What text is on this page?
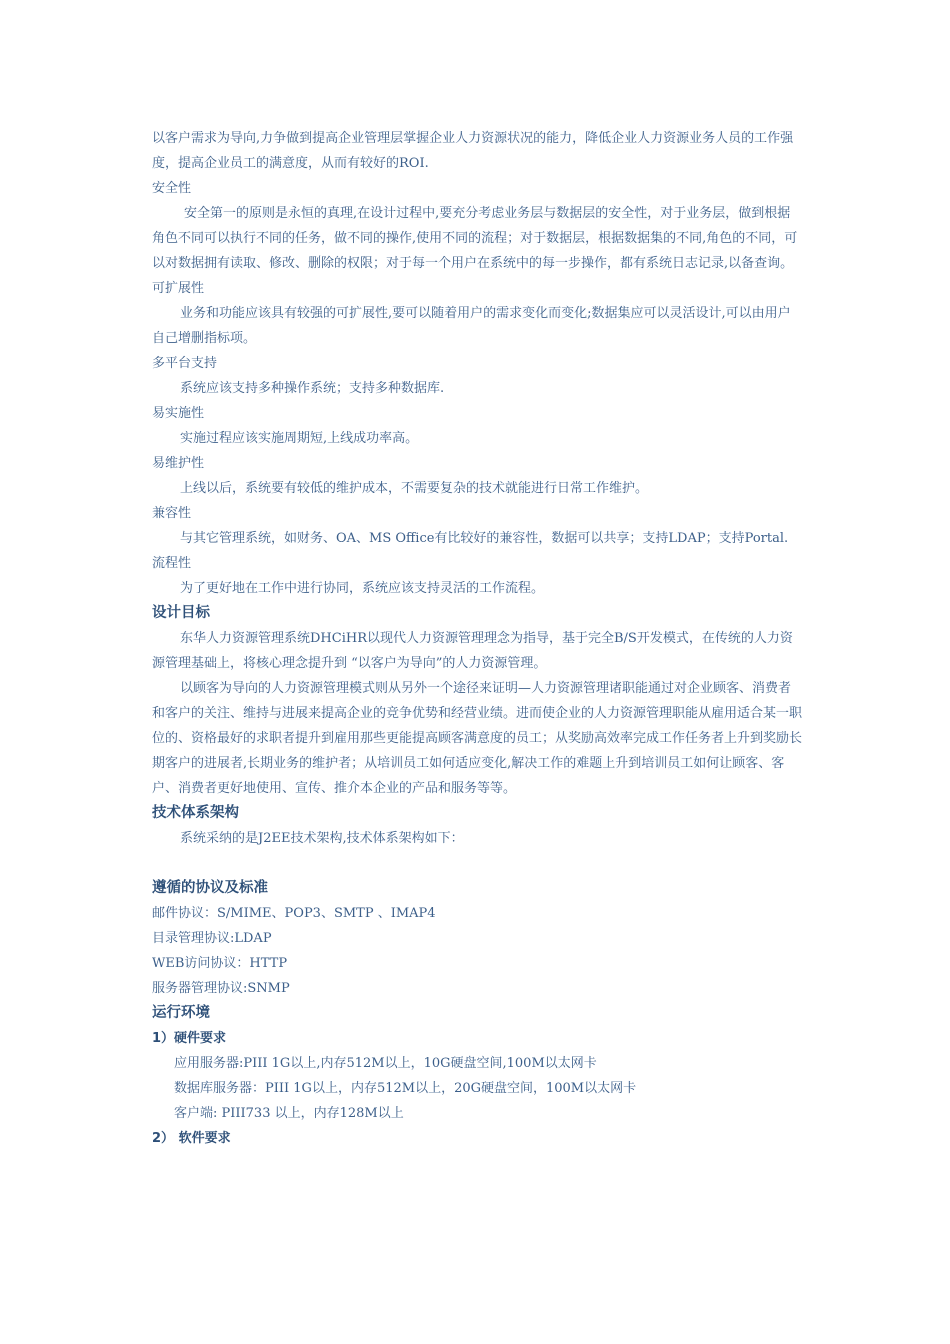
以客户需求为导向,力争做到提高企业管理层掌握企业人力资源状况的能力，降低企业人力资源业务人员的工作强度，提高企业员工的满意度，从而有较好的ROI.

安全性

安全第一的原则是永恒的真理,在设计过程中,要充分考虑业务层与数据层的安全性，对于业务层，做到根据角色不同可以执行不同的任务，做不同的操作,使用不同的流程；对于数据层，根据数据集的不同,角色的不同，可以对数据拥有读取、修改、删除的权限；对于每一个用户在系统中的每一步操作，都有系统日志记录,以备查询。

可扩展性

业务和功能应该具有较强的可扩展性,要可以随着用户的需求变化而变化;数据集应可以灵活设计,可以由用户自己增删指标项。

多平台支持

系统应该支持多种操作系统；支持多种数据库.

易实施性

实施过程应该实施周期短,上线成功率高。

易维护性

上线以后，系统要有较低的维护成本，不需要复杂的技术就能进行日常工作维护。

兼容性

与其它管理系统，如财务、OA、MS Office有比较好的兼容性，数据可以共享；支持LDAP；支持Portal.

流程性

为了更好地在工作中进行协同，系统应该支持灵活的工作流程。

设计目标

东华人力资源管理系统DHCiHR以现代人力资源管理理念为指导，基于完全B/S开发模式，在传统的人力资源管理基础上，将核心理念提升到 “以客户为导向”的人力资源管理。

以顾客为导向的人力资源管理模式则从另外一个途径来证明—人力资源管理诸职能通过对企业顾客、消费者和客户的关注、维持与进展来提高企业的竞争优势和经营业绩。进而使企业的人力资源管理职能从雇用适合某一职位的、资格最好的求职者提升到雇用那些更能提高顾客满意度的员工；从奖励高效率完成工作任务者上升到奖励长期客户的进展者,长期业务的维护者；从培训员工如何适应变化,解决工作的难题上升到培训员工如何让顾客、客户、消费者更好地使用、宣传、推介本企业的产品和服务等等。

技术体系架构

系统采纳的是J2EE技术架构,技术体系架构如下：

遵循的协议及标准

邮件协议：S/MIME、POP3、SMTP 、IMAP4

目录管理协议:LDAP

WEB访问协议：HTTP

服务器管理协议:SNMP

运行环境

1）硬件要求

应用服务器:PIII 1G以上,内存512M以上，10G硬盘空间,100M以太网卡

数据库服务器：PIII 1G以上，内存512M以上，20G硬盘空间，100M以太网卡

客户端: PIII733 以上，内存128M以上

2） 软件要求
